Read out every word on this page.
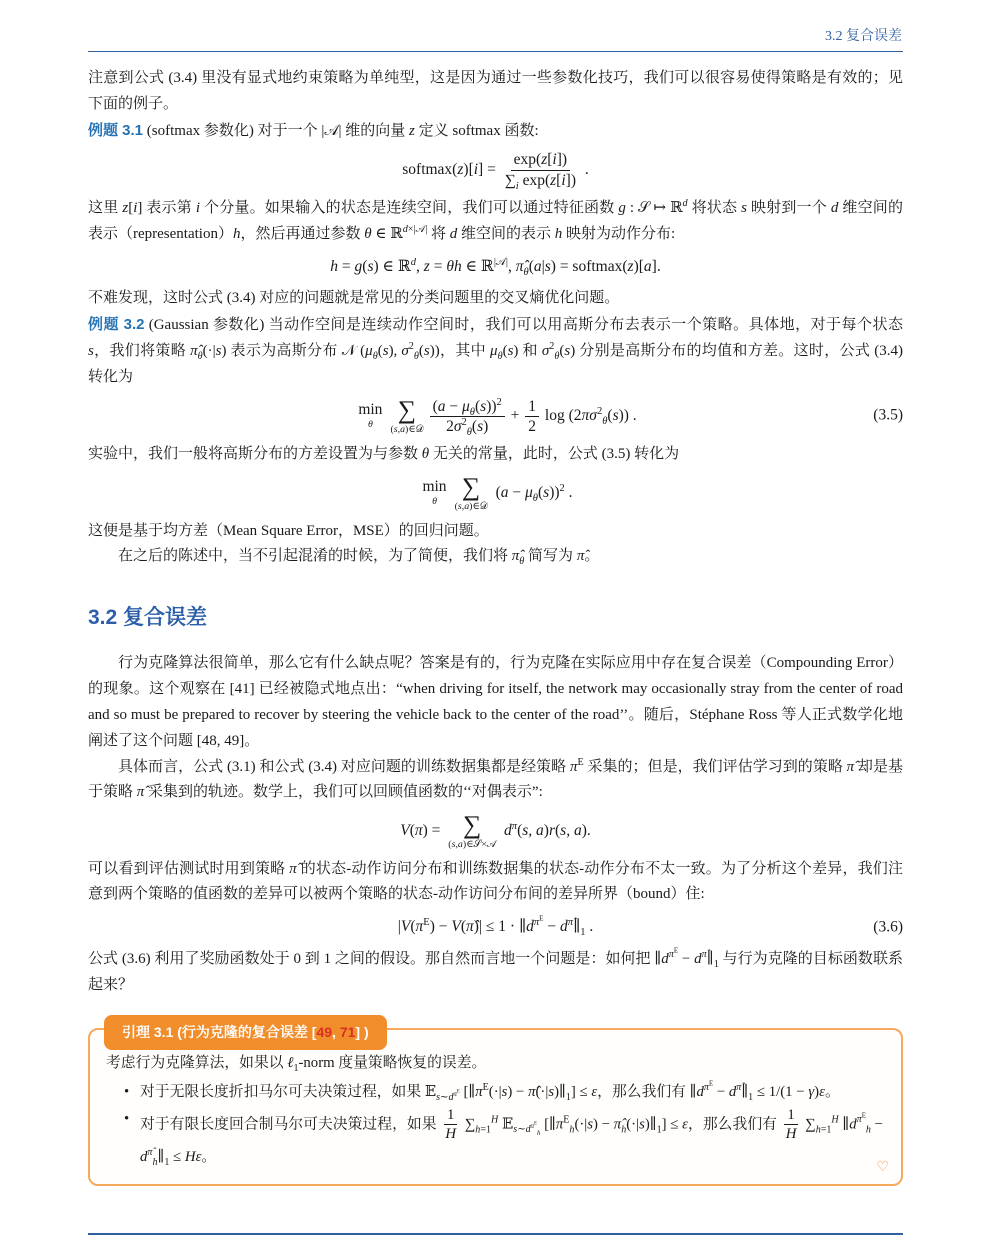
3.2 复合误差

注意到公式 (3.4) 里没有显式地约束策略为单纯型，这是因为通过一些参数化技巧，我们可以很容易使得策略是有效的；见下面的例子。

例题 3.1 (softmax 参数化) 对于一个 |𝒜| 维的向量 z 定义 softmax 函数:

softmax(z)[i] = $\frac{\exp(z[i])}{\sum_i \exp(z[i])}$ .

这里 z[i] 表示第 i 个分量。如果输入的状态是连续空间，我们可以通过特征函数 g : 𝒮 ↦ ℝ$^d$ 将状态 s 映射到一个 d 维空间的表示（representation）h，然后再通过参数 θ ∈ ℝ$^{d\times|𝒜|}$ 将 d 维空间的表示 h 映射为动作分布:

h = g(s) ∈ ℝ$^d$, z = θh ∈ ℝ$^{|𝒜|}$, $\pî_\theta(a|s)$ = softmax(z)[a].

不难发现，这时公式 (3.4) 对应的问题就是常见的分类问题里的交叉熵优化问题。

例题 3.2 (Gaussian 参数化) 当动作空间是连续动作空间时，我们可以用高斯分布去表示一个策略。具体地，对于每个状态 s，我们将策略 $\pî_\theta(\cdot|s)$ 表示为高斯分布 𝒩 ($\mu_\theta(s)$, $\sigma^2_\theta(s)$)，其中 $\mu_\theta(s)$ 和 $\sigma^2_\theta(s)$ 分别是高斯分布的均值和方差。这时，公式 (3.4) 转化为

min
θ
∑
(s,a)∈𝒟 $\frac{(a - \mu_\theta(s))^2}{2\sigma^2_\theta(s)} + \frac{1}{2}$ $\log (2\pi\sigma^2_\theta(s))$ .	(3.5)

实验中，我们一般将高斯分布的方差设置为与参数 θ 无关的常量，此时，公式 (3.5) 转化为

min
θ
∑
(s,a)∈𝒟
$(a - \mu_\theta(s))^2$ .

这便是基于均方差（Mean Square Error，MSE）的回归问题。

在之后的陈述中，当不引起混淆的时候，为了简便，我们将 $\pî_\theta$ 简写为 π̂。

3.2 复合误差

行为克隆算法很简单，那么它有什么缺点呢？答案是有的，行为克隆在实际应用中存在复合误差（Compounding Error）的现象。这个观察在 [41] 已经被隐式地点出：“when driving for itself, the network may occasionally stray from the center of road and so must be prepared to recover by steering the vehicle back to the center of the road’’。随后，Stéphane Ross 等人正式数学化地阐述了这个问题 [48, 49]。

具体而言，公式 (3.1) 和公式 (3.4) 对应问题的训练数据集都是经策略 $\pi^E$ 采集的；但是，我们评估学习到的策略 π̂ 却是基于策略 π̂ 采集到的轨迹。数学上，我们可以回顾值函数的‘‘对偶表示”:

V(π) = ∑
(s,a)∈𝒮×𝒜
$d^\pi(s$, a)r(s, a).

可以看到评估测试时用到策略 π̂ 的状态-动作访问分布和训练数据集的状态-动作分布不太一致。为了分析这个差异，我们注意到两个策略的值函数的差异可以被两个策略的状态-动作访问分布间的差异所界（bound）住:

$|V(\pi^E)$ − V(π̂)| ≤ $1 \cdot \parallel d^{\pi^E}$ − $d^{\pî}\parallel_1$ .	(3.6)

公式 (3.6) 利用了奖励函数处于 0 到 1 之间的假设。那自然而言地一个问题是：如何把 $\parallel d^{\pi^E}$ − $d^{\pî}\parallel_1$ 与行为克隆的目标函数联系起来？

引理 3.1 (行为克隆的复合误差 [49, 71] )

考虑行为克隆算法，如果以 ℓ$_1$-norm 度量策略恢复的误差。

• 对于无限长度折扣马尔可夫决策过程，如果 𝔼$_{s\sim d^{\pi^E}}$ [$\parallel\pi^E(\cdot|s)$ − $\pî(\cdot|s)\parallel_1] \le \varepsilon$，那么我们有 $\parallel d^{\pi^E}$ − $d^{\pî}\parallel_1 \le 1/(1 - \gamma)\varepsilon$。
• 对于有限长度回合制马尔可夫决策过程，如果 $\frac{1}{H} \sum_{h=1}^H$ 𝔼$_{s\sim d^{\pi^E}_h}$ [$\parallel\pi^E_h(\cdot|s)$ − $\pî_h(\cdot|s)\parallel_1] \le \varepsilon$，那么我们有 $\frac{1}{H} \sum_{h=1}^H$ $\parallel d^{\pi^E}_h$ − $d^{\pî}_h\parallel_1 \le H\varepsilon$。
♡
